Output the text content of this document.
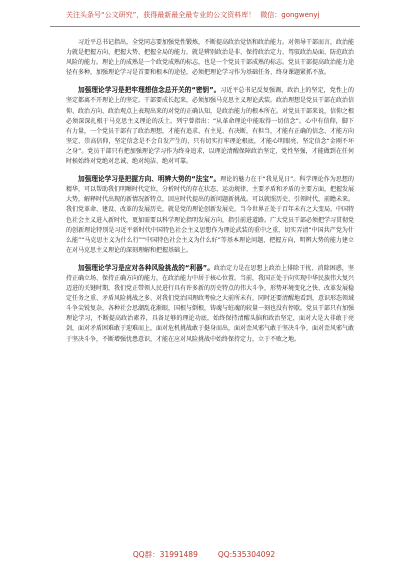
关注头条号“公文研究”，获得最新最全最专业的公文资料库！ 微信：gongwenyj

习近平总书记指出，全党同志要加强党性锻炼，不断提高政治觉悟和政治能力。对领导干部而言，政治能力就是把握方向、把握大势、把握全局的能力，就是辨别政治是非、保持政治定力、驾驭政治局面、防范政治风险的能力。理论上的成熟是一个政党成熟的标志，也是一个党员干部成熟的标志。党员干部提高政治能力途径有多种，加强理论学习是首要和根本的途径，必须把理论学习作为基础任务、终身课题紧抓不放。

加强理论学习是把牢理想信念总开关的“密钥”。习近平总书记反复强调，政治上的坚定，党性上的坚定都离不开理论上的坚定。干部要成长起来，必须加强马克思主义理论武装。政治理想是党员干部在政治信仰、政治方向、政治观点上表现出来的对党的正确认知，是政治能力的根本所在。对党员干部来说，信仰之根必须深深扎根于马克思主义理论的沃土。列宁曾指出：“从革命理论中能取得一切信念”。心中有信仰，脚下有力量，一个党员干部有了政治理想，才能有追求、有主见、有决断，有担当，才能有正确的信念、才能方向坚定、崇高信仰，坚定信念是不会自发产生的，只有切实打牢理论根底，才能心明眼亮、坚定信念“金刚不坏之身”。党员干部只有把加强理论学习作为终身追求，以理论清醒保障政治坚定、党性坚强，才能做到在任何时候始终对党绝对忠诚、绝对纯洁、绝对可靠。

加强理论学习是把握方向、明辨大势的“法宝”。理论的魅力在于“我见见日”。科学理论作为思想的精华，可以帮助我们明晰时代定位，分析时代的存在状态、运动规律、主要矛盾和矛盾的主要方面，把握发展大势，解释时代出现的新情况新特点，回应时代提出的新问题新挑战。可以就照历史、引领时代，前瞻未来。我们党革命、建设、改革的发展历史，就是党的理论创新发展史，当今世界正处于百年未有之大变局，中国特色社会主义进入新时代，更加需要以科学理论指明发展方向，指引前进道路。广大党员干部必须把学习贯彻党的创新理论特别是习近平新时代中国特色社会主义思想作为理论武装的重中之重，切实弄清“中国共产党为什么能”“马克思主义为什么行”“中国特色社会主义为什么好”等基本理论问题，把握方向，明辨大势的能力建立在对马克思主义理论的深刻理解和把握基础上。

加强理论学习是应对各种风险挑战的“利器”。政治定力是在思想上政治上排除干扰、消除困惑，坚持正确立场、保持正确方向的能力，在政治能力中居于核心位置。当前，我国正处于向实现中华民族伟大复兴迈进的关键时期，我们党正带领人民进行具有许多新的历史特点的伟大斗争，形势环境变化之快、改革发展稳定任务之重、矛盾风险挑战之多、对我们党治国理政考验之大前所未有，同时还要清醒地看到，意识形态领域斗争尖锐复杂，各种社会思潮乱花渐眼，国根与倒根，铸魂与蛀魂的较量一刻也没有停歇。党员干部只有加强理论学习，不断提高政治素养，具备足够的理论功底，始终保持清醒头脑和政治坚定，面对大是大非敢于亮剑，面对矛盾困难敢于迎难而上，面对危机挑战敢于挺身而出，面对歪风邪气敢于坚决斗争，面对歪风邪气敢于坚决斗争，不断增强忧患意识，才能在应对风险挑战中始终保持定力，立于不败之地。

QQ群：31991489	QQ:535304092
